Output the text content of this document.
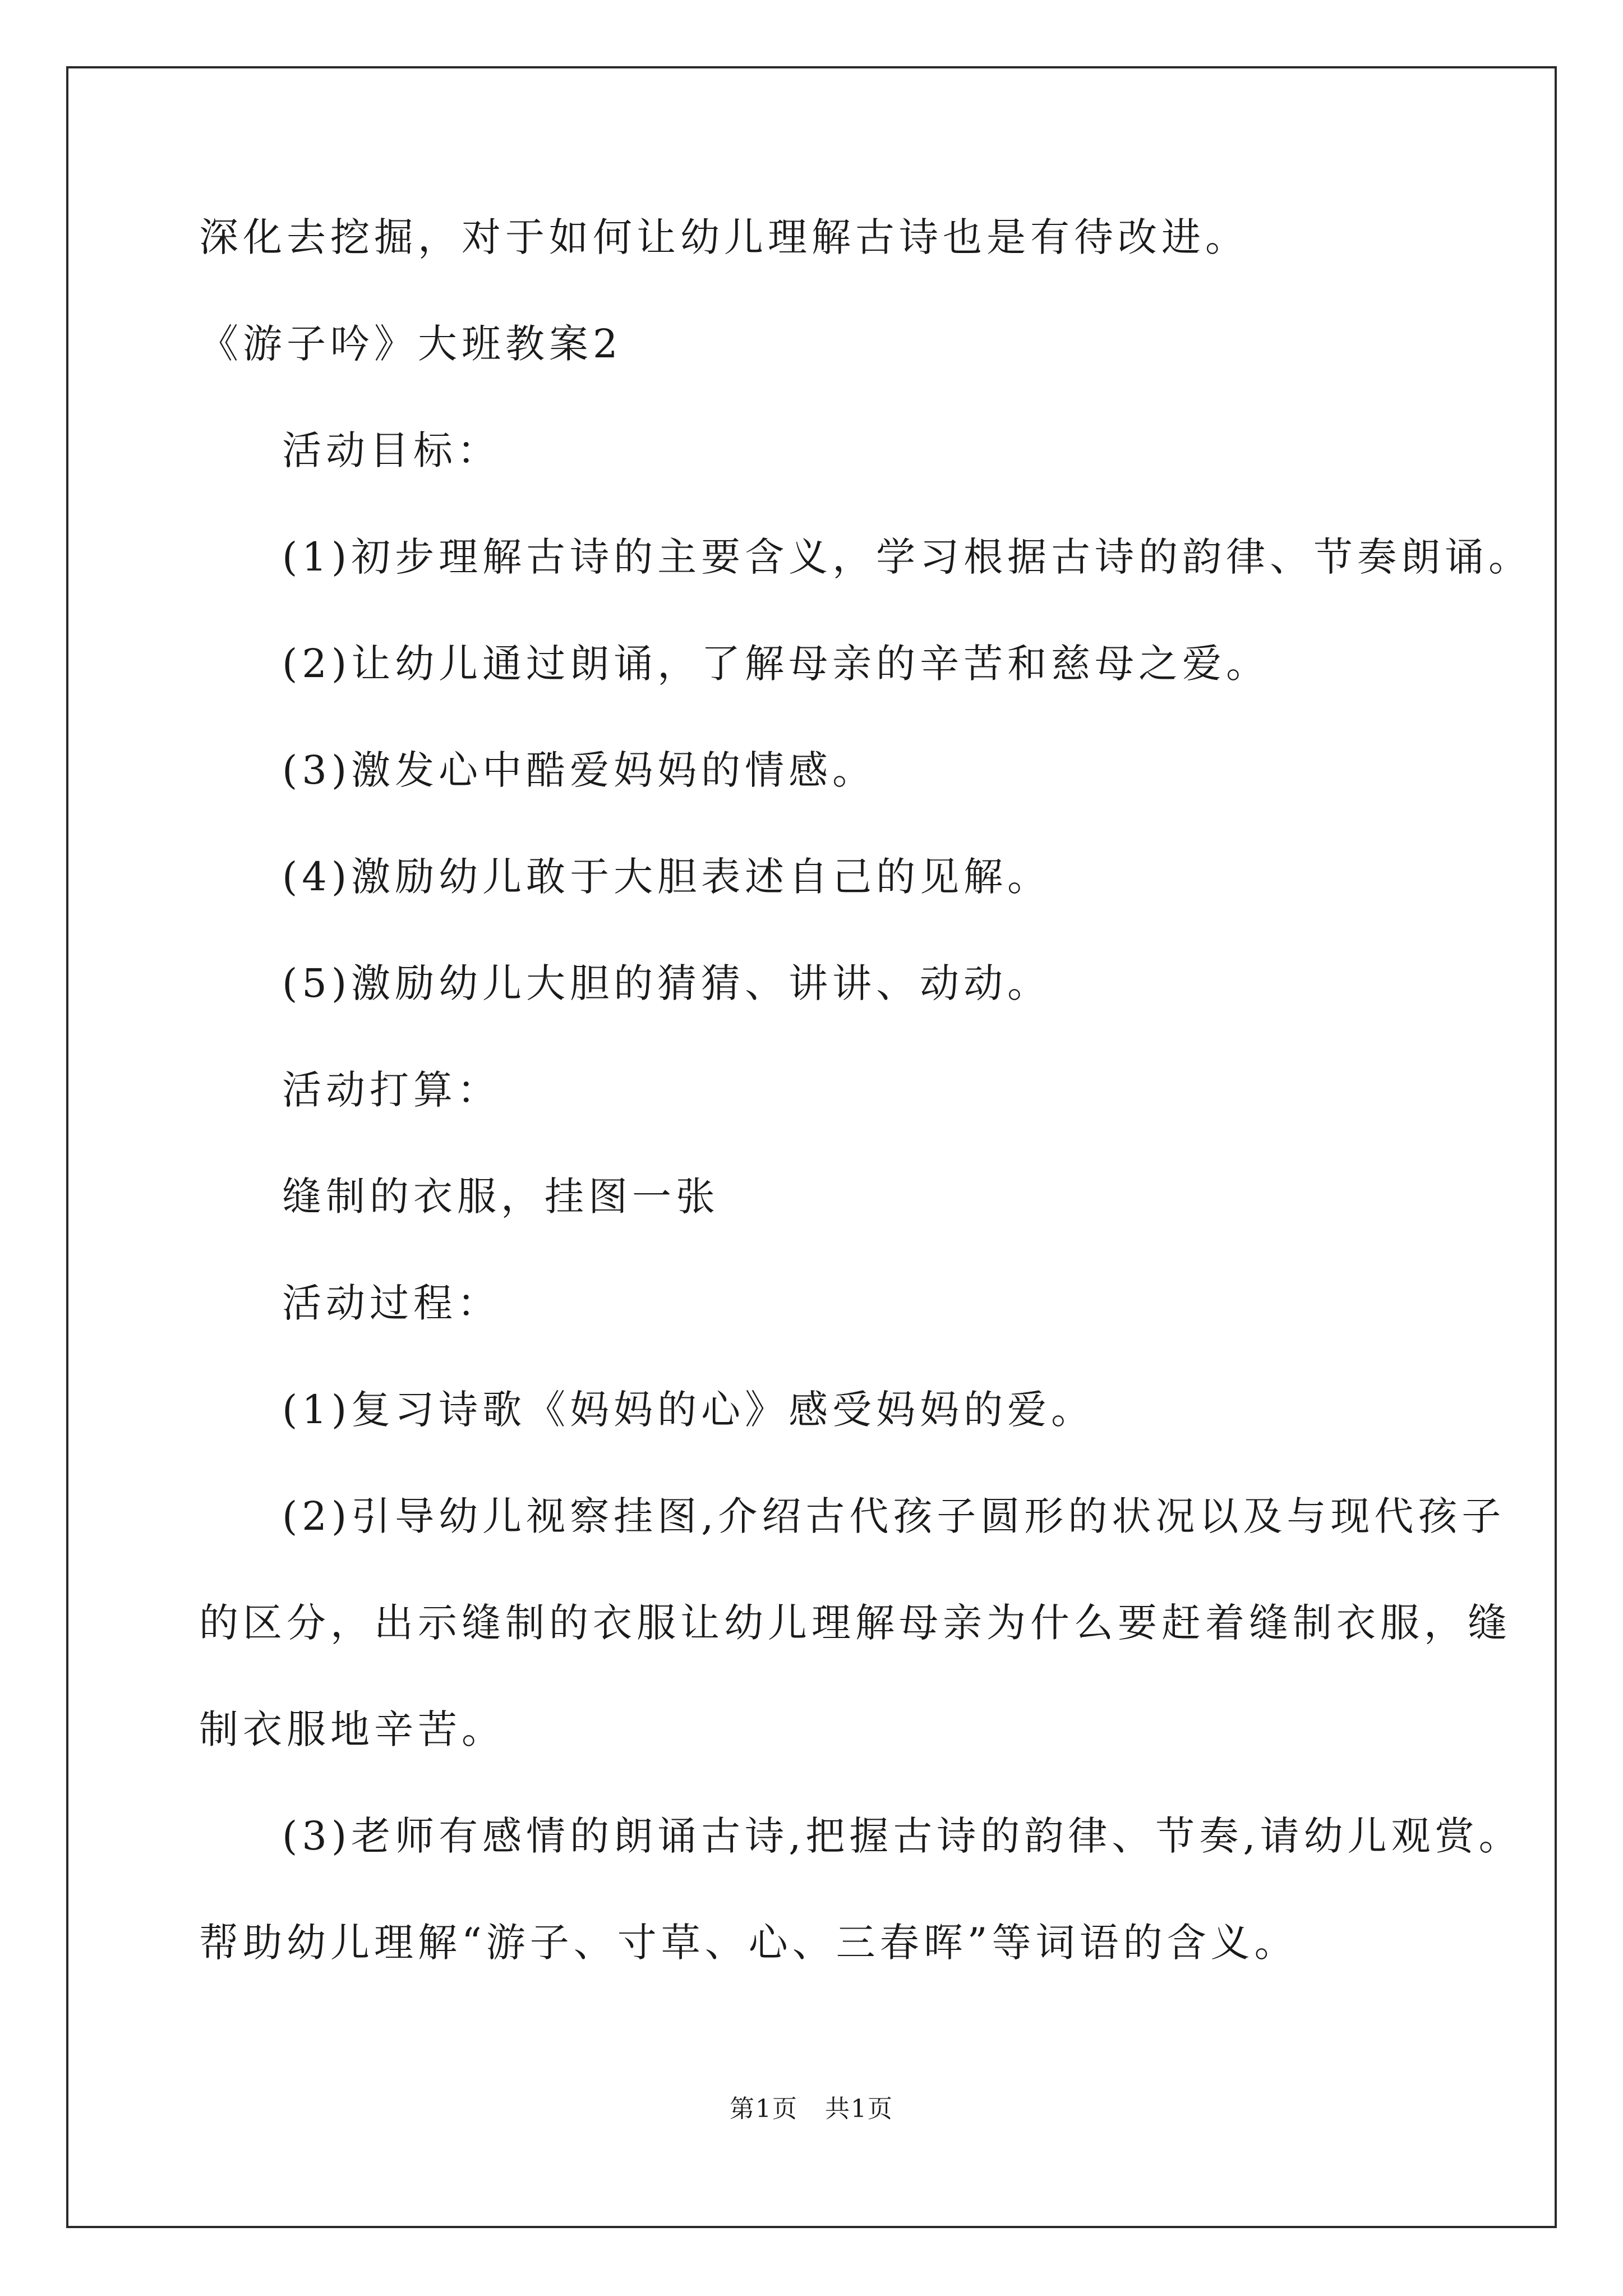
深化去挖掘，对于如何让幼儿理解古诗也是有待改进。
《游子吟》大班教案2
活动目标：
(1)初步理解古诗的主要含义，学习根据古诗的韵律、节奏朗诵。
(2)让幼儿通过朗诵，了解母亲的辛苦和慈母之爱。
(3)激发心中酷爱妈妈的情感。
(4)激励幼儿敢于大胆表述自己的见解。
(5)激励幼儿大胆的猜猜、讲讲、动动。
活动打算：
缝制的衣服，挂图一张
活动过程：
(1)复习诗歌《妈妈的心》感受妈妈的爱。
(2)引导幼儿视察挂图,介绍古代孩子圆形的状况以及与现代孩子
的区分，出示缝制的衣服让幼儿理解母亲为什么要赶着缝制衣服，缝
制衣服地辛苦。
(3)老师有感情的朗诵古诗,把握古诗的韵律、节奏,请幼儿观赏。
帮助幼儿理解“游子、寸草、心、三春晖”等词语的含义。
第1页 共1页
